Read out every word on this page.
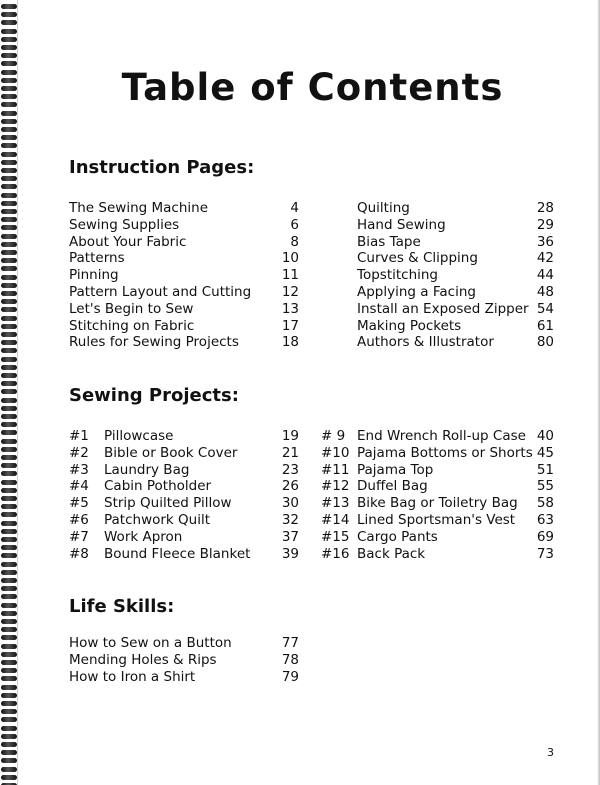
Table of Contents
Instruction Pages:
The Sewing Machine	4
Sewing Supplies	6
About Your Fabric	8
Patterns	10
Pinning	11
Pattern Layout and Cutting	12
Let's Begin to Sew	13
Stitching on Fabric	17
Rules for Sewing Projects	18
Quilting	28
Hand Sewing	29
Bias Tape	36
Curves & Clipping	42
Topstitching	44
Applying a Facing	48
Install an Exposed Zipper 54
Making Pockets	61
Authors & Illustrator	80
Sewing Projects:
#1 Pillowcase	19
#2 Bible or Book Cover	21
#3 Laundry Bag	23
#4 Cabin Potholder	26
#5 Strip Quilted Pillow	30
#6 Patchwork Quilt	32
#7 Work Apron	37
#8 Bound Fleece Blanket	39
# 9 End Wrench Roll-up Case 40
#10 Pajama Bottoms or Shorts 45
#11 Pajama Top	51
#12 Duffel Bag	55
#13 Bike Bag or Toiletry Bag	58
#14 Lined Sportsman's Vest	63
#15 Cargo Pants	69
#16 Back Pack	73
Life Skills:
How to Sew on a Button	77
Mending Holes & Rips	78
How to Iron a Shirt	79
3
